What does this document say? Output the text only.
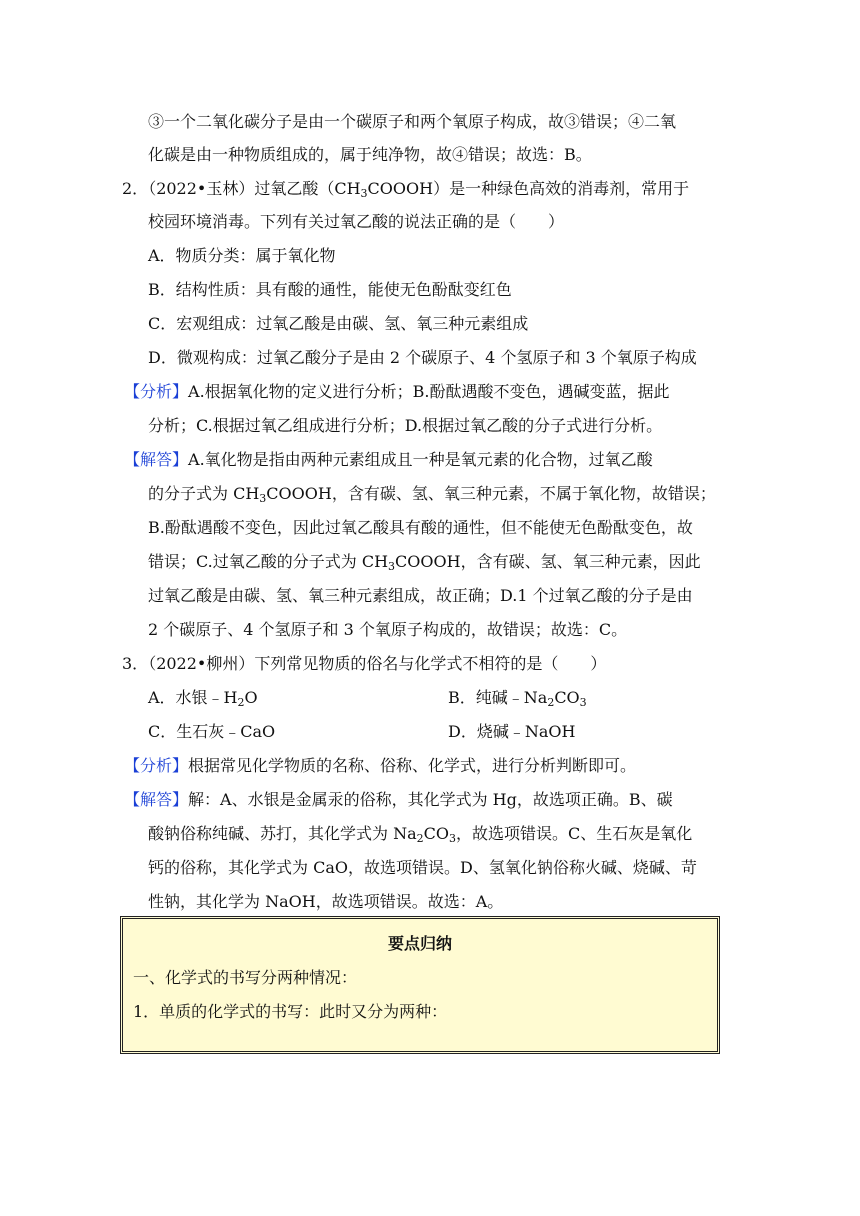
③一个二氧化碳分子是由一个碳原子和两个氧原子构成，故③错误；④二氧
化碳是由一种物质组成的，属于纯净物，故④错误；故选：B。
2．（2022•玉林）过氧乙酸$(CH_3COOOH)$是一种绿色高效的消毒剂，常用于
校园环境消毒。下列有关过氧乙酸的说法正确的是（　　）
A．物质分类：属于氧化物
B．结构性质：具有酸的通性，能使无色酚酞变红色
C．宏观组成：过氧乙酸是由碳、氢、氧三种元素组成
D．微观构成：过氧乙酸分子是由 2 个碳原子、4 个氢原子和 3 个氧原子构成
【分析】A.根据氧化物的定义进行分析；B.酚酞遇酸不变色，遇碱变蓝，据此
分析；C.根据过氧乙组成进行分析；D.根据过氧乙酸的分子式进行分析。
【解答】A.氧化物是指由两种元素组成且一种是氧元素的化合物，过氧乙酸
的分子式为 $CH_3COOOH$，含有碳、氢、氧三种元素，不属于氧化物，故错误；
B.酚酞遇酸不变色，因此过氧乙酸具有酸的通性，但不能使无色酚酞变色，故
错误；C.过氧乙酸的分子式为 $CH_3COOOH$，含有碳、氢、氧三种元素，因此
过氧乙酸是由碳、氢、氧三种元素组成，故正确；D.1 个过氧乙酸的分子是由
2 个碳原子、4 个氢原子和 3 个氧原子构成的，故错误；故选：C。
3．（2022•柳州）下列常见物质的俗名与化学式不相符的是（　　）
A．水银$﹣H_2O$	B．纯碱$﹣Na_2CO_3$
C．生石灰﹣CaO	D．烧碱﹣NaOH
【分析】根据常见化学物质的名称、俗称、化学式，进行分析判断即可。
【解答】解：A、水银是金属汞的俗称，其化学式为 Hg，故选项正确。B、碳
酸钠俗称纯碱、苏打，其化学式为 $Na_2CO_3$，故选项错误。C、生石灰是氧化
钙的俗称，其化学式为 CaO，故选项错误。D、氢氧化钠俗称火碱、烧碱、苛
性钠，其化学为 NaOH，故选项错误。故选：A。
要点归纳
一、化学式的书写分两种情况：
1．单质的化学式的书写：此时又分为两种：
